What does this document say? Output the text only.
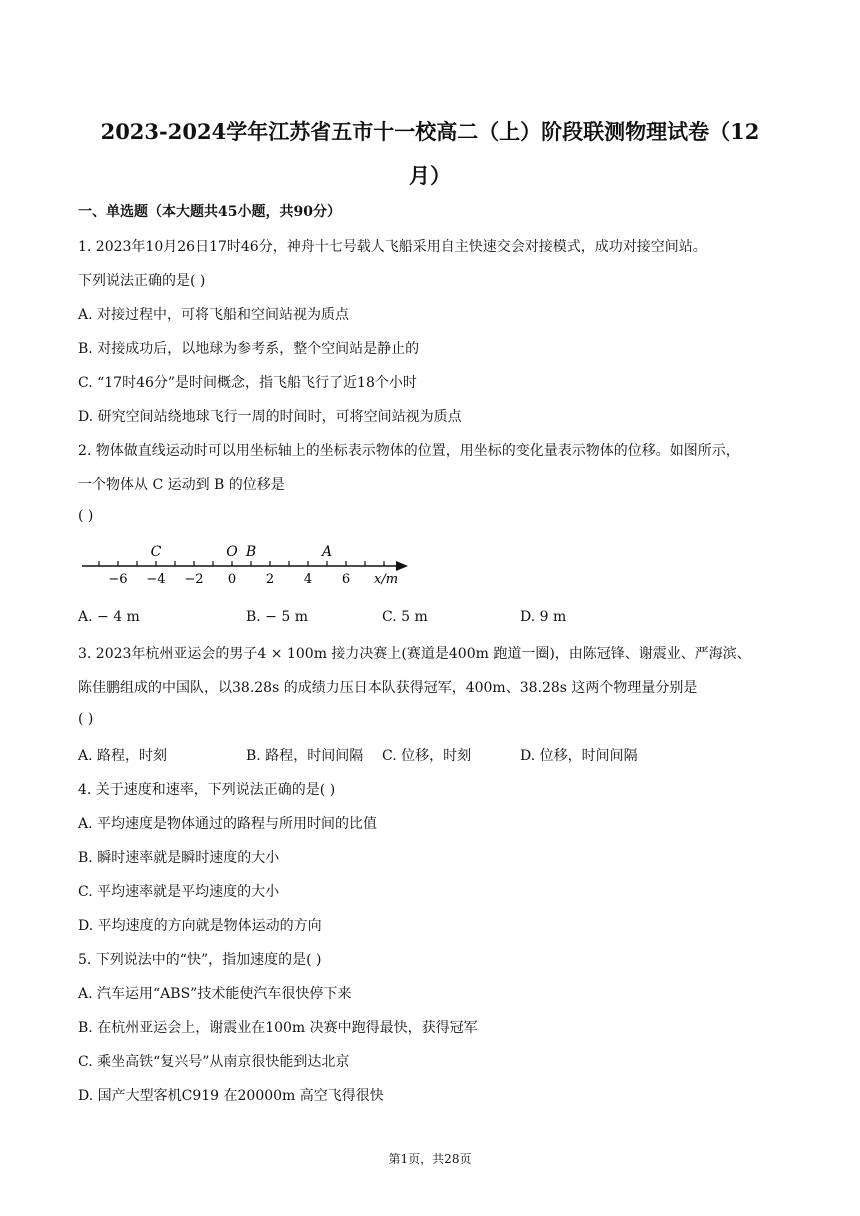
2023-2024学年江苏省五市十一校高二（上）阶段联测物理试卷（12
月）
一、单选题（本大题共45小题，共90分）
1. 2023年10月26日17时46分，神舟十七号载人飞船采用自主快速交会对接模式，成功对接空间站。
下列说法正确的是( )
A. 对接过程中，可将飞船和空间站视为质点
B. 对接成功后，以地球为参考系，整个空间站是静止的
C. “17时46分”是时间概念，指飞船飞行了近18个小时
D. 研究空间站绕地球飞行一周的时间时，可将空间站视为质点
2. 物体做直线运动时可以用坐标轴上的坐标表示物体的位置，用坐标的变化量表示物体的位移。如图所示，
一个物体从 C 运动到 B 的位移是
( )
−6 −4 −2 0 2 4 6
C	O B	A
x/m
A. − 4 m	B. − 5 m	C. 5 m	D. 9 m
3. 2023年杭州亚运会的男子4 × 100m 接力决赛上(赛道是400m 跑道一圈)，由陈冠锋、谢震业、严海滨、
陈佳鹏组成的中国队，以38.28s 的成绩力压日本队获得冠军，400m、38.28s 这两个物理量分别是
( )
A. 路程，时刻	B. 路程，时间间隔 C. 位移，时刻	D. 位移，时间间隔
4. 关于速度和速率，下列说法正确的是( )
A. 平均速度是物体通过的路程与所用时间的比值
B. 瞬时速率就是瞬时速度的大小
C. 平均速率就是平均速度的大小
D. 平均速度的方向就是物体运动的方向
5. 下列说法中的“快”，指加速度的是( )
A. 汽车运用“ABS”技术能使汽车很快停下来
B. 在杭州亚运会上，谢震业在100m 决赛中跑得最快，获得冠军
C. 乘坐高铁“复兴号”从南京很快能到达北京
D. 国产大型客机C919 在20000m 高空飞得很快
第1页，共28页
